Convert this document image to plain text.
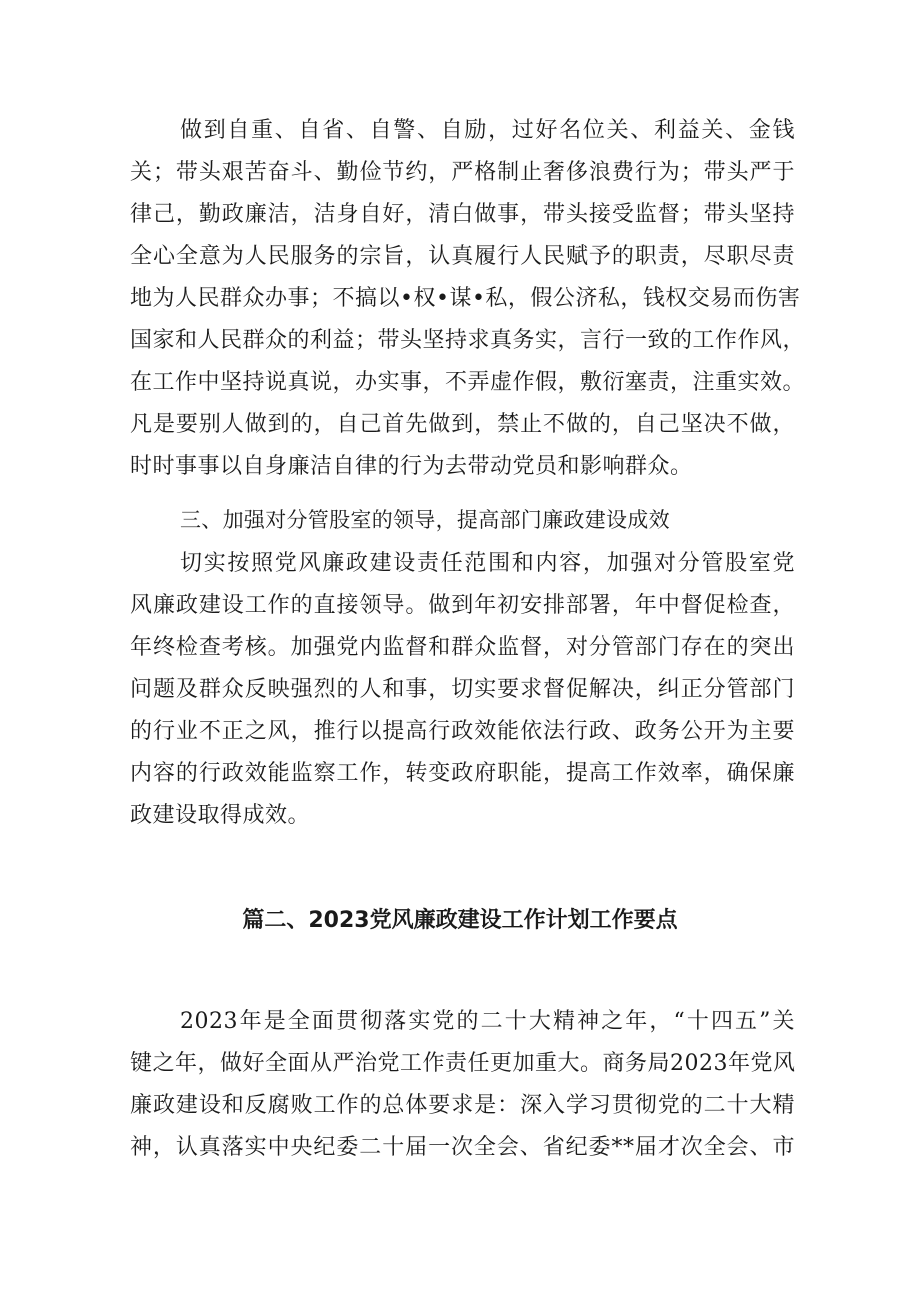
做到自重、自省、自警、自励，过好名位关、利益关、金钱
关；带头艰苦奋斗、勤俭节约，严格制止奢侈浪费行为；带头严于
律己，勤政廉洁，洁身自好，清白做事，带头接受监督；带头坚持
全心全意为人民服务的宗旨，认真履行人民赋予的职责，尽职尽责
地为人民群众办事；不搞以•权•谋•私，假公济私，钱权交易而伤害
国家和人民群众的利益；带头坚持求真务实，言行一致的工作作风，
在工作中坚持说真说，办实事，不弄虚作假，敷衍塞责，注重实效。
凡是要别人做到的，自己首先做到，禁止不做的，自己坚决不做，
时时事事以自身廉洁自律的行为去带动党员和影响群众。
三、加强对分管股室的领导，提高部门廉政建设成效
切实按照党风廉政建设责任范围和内容，加强对分管股室党
风廉政建设工作的直接领导。做到年初安排部署，年中督促检查，
年终检查考核。加强党内监督和群众监督，对分管部门存在的突出
问题及群众反映强烈的人和事，切实要求督促解决，纠正分管部门
的行业不正之风，推行以提高行政效能依法行政、政务公开为主要
内容的行政效能监察工作，转变政府职能，提高工作效率，确保廉
政建设取得成效。
篇二、2023党风廉政建设工作计划工作要点
2023年是全面贯彻落实党的二十大精神之年，“十四五”关
键之年，做好全面从严治党工作责任更加重大。商务局2023年党风
廉政建设和反腐败工作的总体要求是：深入学习贯彻党的二十大精
神，认真落实中央纪委二十届一次全会、省纪委**届才次全会、市
